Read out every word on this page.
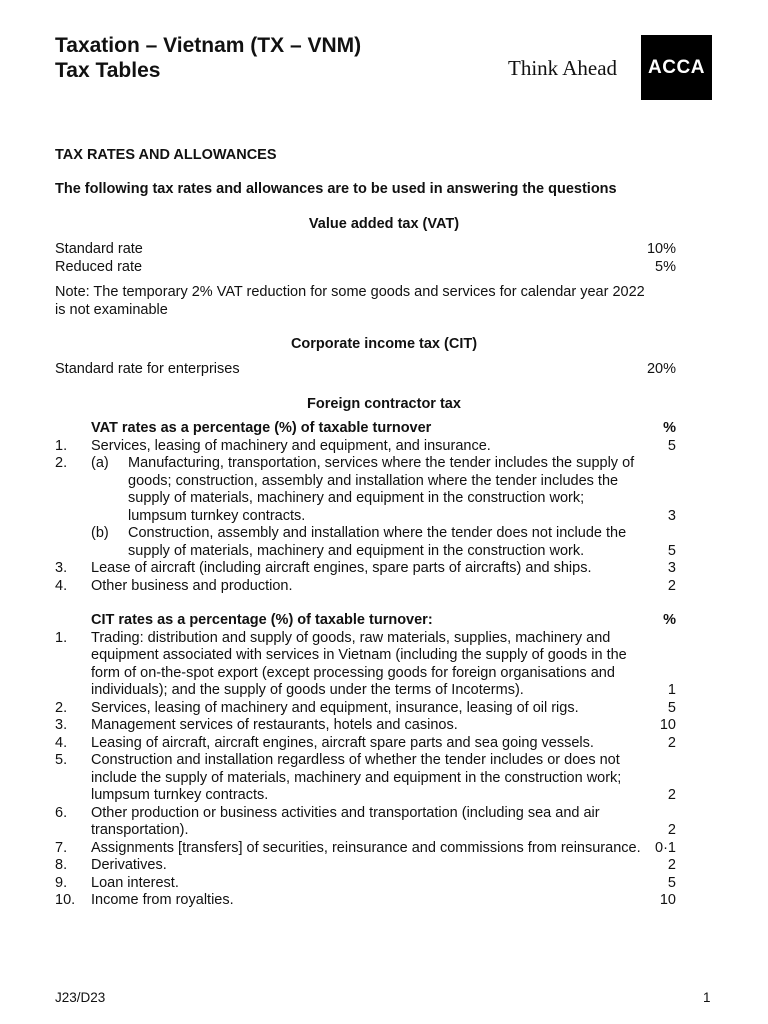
Taxation – Vietnam (TX – VNM)
Tax Tables	Think Ahead ACCA
TAX RATES AND ALLOWANCES
The following tax rates and allowances are to be used in answering the questions
Value added tax (VAT)
Standard rate	10%
Reduced rate	5%
Note: The temporary 2% VAT reduction for some goods and services for calendar year 2022 is not examinable
Corporate income tax (CIT)
Standard rate for enterprises	20%
Foreign contractor tax
VAT rates as a percentage (%) of taxable turnover	%
1.	Services, leasing of machinery and equipment, and insurance.	5
2.	(a)	Manufacturing, transportation, services where the tender includes the supply of goods; construction, assembly and installation where the tender includes the supply of materials, machinery and equipment in the construction work; lumpsum turnkey contracts.	3
(b)	Construction, assembly and installation where the tender does not include the supply of materials, machinery and equipment in the construction work.	5
3.	Lease of aircraft (including aircraft engines, spare parts of aircrafts) and ships.	3
4.	Other business and production.	2
CIT rates as a percentage (%) of taxable turnover:	%
1.	Trading: distribution and supply of goods, raw materials, supplies, machinery and equipment associated with services in Vietnam (including the supply of goods in the form of on-the-spot export (except processing goods for foreign organisations and individuals); and the supply of goods under the terms of Incoterms).	1
2.	Services, leasing of machinery and equipment, insurance, leasing of oil rigs.	5
3.	Management services of restaurants, hotels and casinos.	10
4.	Leasing of aircraft, aircraft engines, aircraft spare parts and sea going vessels.	2
5.	Construction and installation regardless of whether the tender includes or does not include the supply of materials, machinery and equipment in the construction work; lumpsum turnkey contracts.	2
6.	Other production or business activities and transportation (including sea and air transportation).	2
7.	Assignments [transfers] of securities, reinsurance and commissions from reinsurance. 0·1
8.	Derivatives.	2
9.	Loan interest.	5
10.	Income from royalties.	10
J23/D23	1
